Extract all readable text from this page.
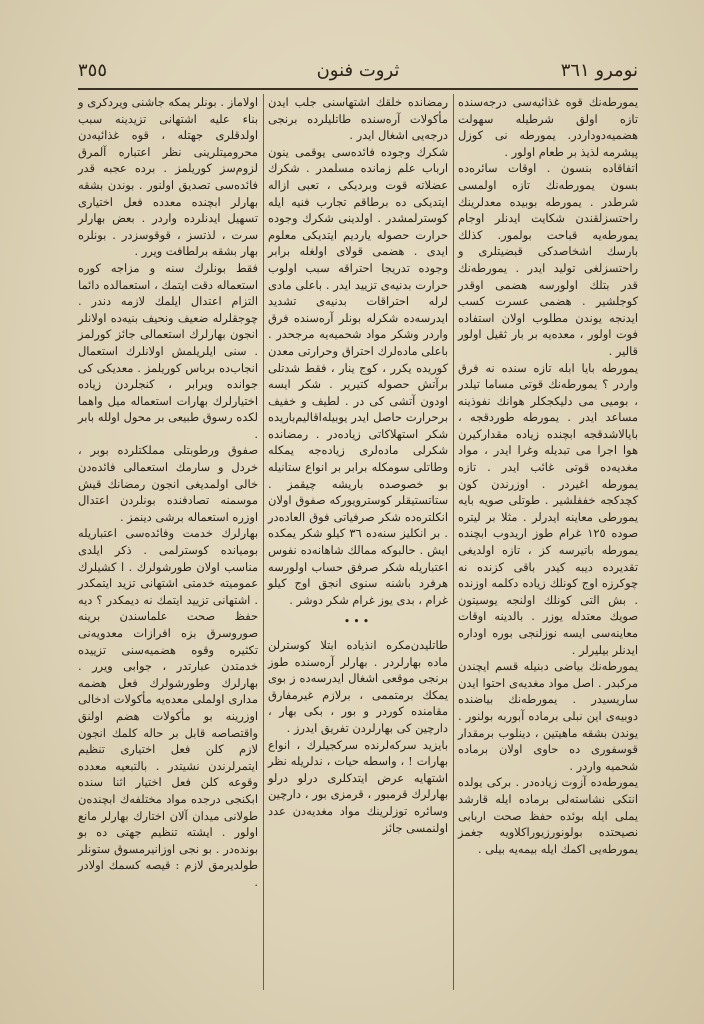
نومرو ٣٦١
ثروت فنون
٣٥٥

يمورطه‌نك قوه غذائيه‌سى درجه‌سنده تازه اولق شرطيله سهولت هضميه‌دوداردر. يمورطه نى كوزل پيشرمه لذيذ بر طعام اولور .

اتفاقاده بنسون . اوقات سائره‌ده بسون يمورطه‌نك تازه اولمسى شرطدر . يمورطه بوبيده معدلرينك راحتسزلقندن شكايت ايدنلر اوجام يمورطه‌يه قباحت بولمور. كذلك بارسك اشخاصدكى قبضيتلرى و راحتسزلغى توليد ايدر . يمورطه‌نك قدر بتلك اولورسه هضمى اوقدر كوجلشير . هضمى عسرت كسب ايدنجه يوندن مطلوب اولان استفاده فوت اولور ، معده‌يه بر بار ثقيل اولور قالير .

يمورطه بايا ابله تازه سنده نه فرق واردر ؟ يمورطه‌نك قوتى مساما تيلدر ، بوميى مى دليكجكلر هوانك نفوذينه مساعد ايدر . يمورطه طوردقجه ، بايالاشدقجه ابچنده زياده مقداركيرن هوا اجرا مى تبديله وغرا ايدر ، مواد مغديه‌ده قوتى غائب ايدر . تازه يمورطه اغيردر . اوزرندن كون كچدكجه خففلشير . طوتلى صويه بايه يمورطى معاينه ايدرلر . مثلا بر ليتره صوده ١٢٥ غرام طوز اريدوب ابچنده يمورطه باتيرسه كز ، تازه اولديغى تقديرده ديبه كيدر باقى كزنده نه چوكرزه اوج كونلك زياده دكلمه اوزنده . بش التى كونلك اولنجه يوسيتون صويك معتدله يوزر . بالدينه اوقات معاينه‌سى ايسه نوزلنجى بوره اوداره ايدنلر بيليرلر .

يمورطه‌نك بياضى دبنيله قسم ايچندن مركبدر . اصل مواد مغديه‌ى احتوا ايدن ساريسيدر . يمورطه‌نك بياضنده دوبيه‌ى اين نبلى برماده آبوربه بولنور . يوندن بشقه ماهيتين ، دينلوب برمقدار قوسفورى ده حاوى اولان برماده شحميه واردر .

يمورطه‌ده آزوت زياده‌در . بركى يولده انتكى نشاسته‌لى برماده ايله قارشد يملى ايله بوئده حفظ صحت اربابى نصيحتده بولونورزيوراكلاويه جغمز يمورطه‌يى اكمك ايله بيمه‌يه بيلى .

رمضانده خلقك اشتهاسنى جلب ايدن مأكولات آره‌سنده طاتليلرده برنجى درجه‌يى اشغال ايدر .

شكرك وجوده فائده‌سى يوقمى ينون ارباب علم زمانده مسلمدر . شكرك عضلاته قوت وبرديكى ، تعبى ازاله ايتديكى ده برطاقم تجارب فنيه ايله كوسترلمشدر . اولدينى شكرك وجوده حرارت حصوله يارديم ايتديكى معلوم ايدى . هضمى قولاى اولغله برابر وجوده تدريجا احتراقه سبب اولوب حرارت بدنيه‌ى تزييد ايدر . باعلى مادى لرله احتراقات بدنيه‌ى تشديد ايدرسه‌ده شكرله بونلر آره‌سنده فرق واردر وشكر مواد شحميه‌يه مرجحدر . باعلى ماده‌لرك احتراق وحرارتى معدن كوريده يكرر ، كوج ينار ، فقط شدتلى برآتش حصوله كتيرير . شكر ايسه اودون آتشى كى در . لطيف و خفيف برحرارت حاصل ايدر يوبيله‌اقاليم‌باريده شكر استهلاكاتى زياده‌در . رمضانده شكرلى ماده‌لرى زياده‌جه يمكله وطاتلى سومكله برابر بر انواع ستانيله بو خصوصده باريشه چيقمز . ستاتستيقلر كوسترويوركه صفوق اولان انكلتره‌ده شكر صرفياتى فوق العاده‌در . بر انكليز سنه‌ده ٣٦ كيلو شكر يمكده ايش . حالبوكه ممالك شاهانه‌ده نفوس اعتباريله شكر صرفق حساب اولورسه هرفرد باشنه سنوى انجق اوج كيلو غرام ، بدى يوز غرام شكر دوشر .

•••

طاتليدن‌مكره انذياده ابتلا كوسترلن ماده بهارلردر . بهارلر آره‌سنده طوز برنجى موقعى اشغال ايدرسه‌ده ز بوى يمكك برمتممى ، برلازم غيرمفارق مقامنده كوردر و بور ، بكى بهار ، دارچين كى بهارلردن تفريق ايدرز .

بايزيد سركه‌لرنده سركجيلرك ، انواع بهارات ! ، واسطه حيات ، ندلريله نظر اشتهايه عرض ايتدكلرى درلو درلو بهارلرك قرمبور ، قرمزى بور ، دارچين وسائره توزلرينك مواد مغديه‌دن عدد اولنمسى جائز

اولاماز . بونلر يمكه جاشنى ويردكرى و بناء عليه اشتهانى تزيدينه سبب اولدقلرى جهتله ، قوه غذائيه‌دن محروميتلرينى نظر اعتباره آلمرق لزوم‌سز كوريلمز . برده عجبه قدر فائده‌سى تصديق اولنور . بوندن بشقه بهارلر ابچنده معدده فعل اختيارى تسهيل ايدنلرده واردر . بعض بهارلر سرت ، لذتسز ، قوقوسزدر . بونلره بهار بشقه برلطافت ويرر .

فقط بونلرك سنه و مزاجه كوره استعماله دقت ايتمك ، استعمالده دائما التزام اعتدال ايلمك لازمه دندر . چوجقلرله ضعيف ونحيف بنيه‌ده اولانلر انجون بهارلرك استعمالى جائز كورلمز . سنى ايلريلمش اولانلرك استعمال انجاب‌ده برباس كوريلمز . معديكى كى جوانده ويرابر ، كنجلردن زياده اختيارلرك بهارات استعماله ميل واهما لكده رسوق طبيعى بر محول اولله بابر .

صفوق ورطوبتلى مملكتلرده بوبر ، خردل و سارمك استعمالى فائده‌دن خالى اولمديغى انجون رمضانك قيش موسمنه تصادفنده بونلردن اعتدال اوزره استعماله برشى دينمز .

بهارلرك خدمت وفائده‌سى اعتباريله بوميانده كوسترلمى . ذكر ايلدى مناسب اولان طورشولرك . ا كشيلرك عموميته خدمتى اشتهانى تزيد ايتمكدر . اشتهانى تزييد ايتمك نه ديمكدر ؟ ديه حفظ صحت علماسندن برينه صوروسرق بزه افرازات معدويه‌نى تكثيره وقوه هضميه‌سنى تزييده خدمتدن عبارتدر ، جوابى ويرر . بهارلرك وطورشولرك فعل هضمه مدارى اولملى معده‌يه مأكولات ادخالى اوزرينه بو مأكولات هضم اولنق واقتصاصه قابل بر حاله كلمك انجون لازم كلن فعل اختيارى تنظيم ايتمرلرندن نشيتدر . بالتبعيه معدده وقوعه كلن فعل اختيار اثنا سنده ابكنجى درجده مواد مختلفه‌ك ابچنده‌ن طولانى ميدان آلان اختارك بهارلر مانع اولور . ايشته تنظيم جهتى ده بو بونده‌در . بو نجى اوزانيرمسوق ستونلر طولديرمق لازم : قيصه كسمك اولادر .
